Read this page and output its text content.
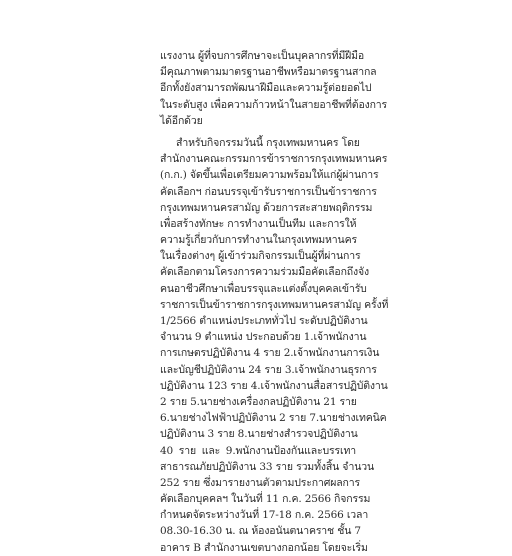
แรงงาน ผู้ที่จบการศึกษาจะเป็นบุคลากรที่มีฝีมือ
มีคุณภาพตามมาตรฐานอาชีพหรือมาตรฐานสากล
อีกทั้งยังสามารถพัฒนาฝีมือและความรู้ต่อยอดไป
ในระดับสูง เพื่อความก้าวหน้าในสายอาชีพที่ต้องการ
ได้อีกด้วย
สำหรับกิจกรรมวันนี้ กรุงเทพมหานคร โดย
สำนักงานคณะกรรมการข้าราชการกรุงเทพมหานคร
(ก.ก.) จัดขึ้นเพื่อเตรียมความพร้อมให้แก่ผู้ผ่านการ
คัดเลือกฯ ก่อนบรรจุเข้ารับราชการเป็นข้าราชการ
กรุงเทพมหานครสามัญ ด้วยการสะสายพฤติกรรม
เพื่อสร้างทักษะ การทำงานเป็นทีม และการให้
ความรู้เกี่ยวกับการทำงานในกรุงเทพมหานคร
ในเรื่องต่างๆ ผู้เข้าร่วมกิจกรรมเป็นผู้ที่ผ่านการ
คัดเลือกตามโครงการความร่วมมือคัดเลือกถึงจัง
คนอาชีวศึกษาเพื่อบรรจุและแต่งตั้งบุคคลเข้ารับ
ราชการเป็นข้าราชการกรุงเทพมหานครสามัญ ครั้งที่
1/2566 ตำแหน่งประเภททั่วไป ระดับปฏิบัติงาน
จำนวน 9 ตำแหน่ง ประกอบด้วย 1.เจ้าพนักงาน
การเกษตรปฏิบัติงาน 4 ราย 2.เจ้าพนักงานการเงิน
และบัญชีปฏิบัติงาน 24 ราย 3.เจ้าพนักงานธุรการ
ปฏิบัติงาน 123 ราย 4.เจ้าพนักงานสื่อสารปฏิบัติงาน
2 ราย 5.นายช่างเครื่องกลปฏิบัติงาน 21 ราย
6.นายช่างไฟฟ้าปฏิบัติงาน 2 ราย 7.นายช่างเทคนิค
ปฏิบัติงาน 3 ราย 8.นายช่างสำรวจปฏิบัติงาน
40 ราย และ 9.พนักงานป้องกันและบรรเทา
สาธารณภัยปฏิบัติงาน 33 ราย รวมทั้งสิ้น จำนวน
252 ราย ซึ่งมารายงานตัวตามประกาศผลการ
คัดเลือกบุคคลฯ ในวันที่ 11 ก.ค. 2566 กิจกรรม
กำหนดจัดระหว่างวันที่ 17-18 ก.ค. 2566 เวลา
08.30-16.30 น. ณ ห้องอนันตนาคราช ชั้น 7
อาคาร B สำนักงานเขตบางกอกน้อย โดยจะเริ่ม
